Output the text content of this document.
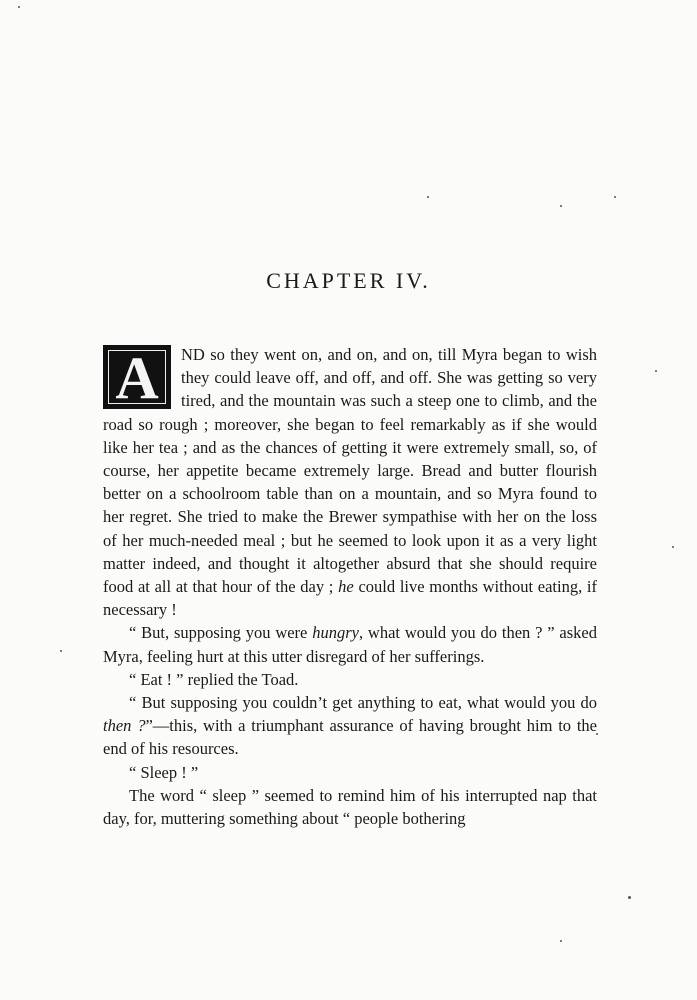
CHAPTER IV.

A	ND so they went on, and on, and on, till Myra began to wish they could leave off, and off, and off. She was getting so very tired, and the mountain was such a steep one to climb, and the road so rough ; moreover, she began to feel remarkably as if she would like her tea ; and as the chances of getting it were extremely small, so, of course, her appetite became extremely large. Bread and butter flourish better on a schoolroom table than on a mountain, and so Myra found to her regret. She tried to make the Brewer sympathise with her on the loss of her much-needed meal ; but he seemed to look upon it as a very light matter indeed, and thought it altogether absurd that she should require food at all at that hour of the day ; he could live months without eating, if necessary !

“ But, supposing you were hungry, what would you do then ? ” asked Myra, feeling hurt at this utter disregard of her sufferings.

“ Eat ! ” replied the Toad.

“ But supposing you couldn’t get anything to eat, what would you do then ?”—this, with a triumphant assurance of having brought him to the end of his resources.

“ Sleep ! ”

The word “ sleep ” seemed to remind him of his interrupted nap that day, for, muttering something about “ people bothering
